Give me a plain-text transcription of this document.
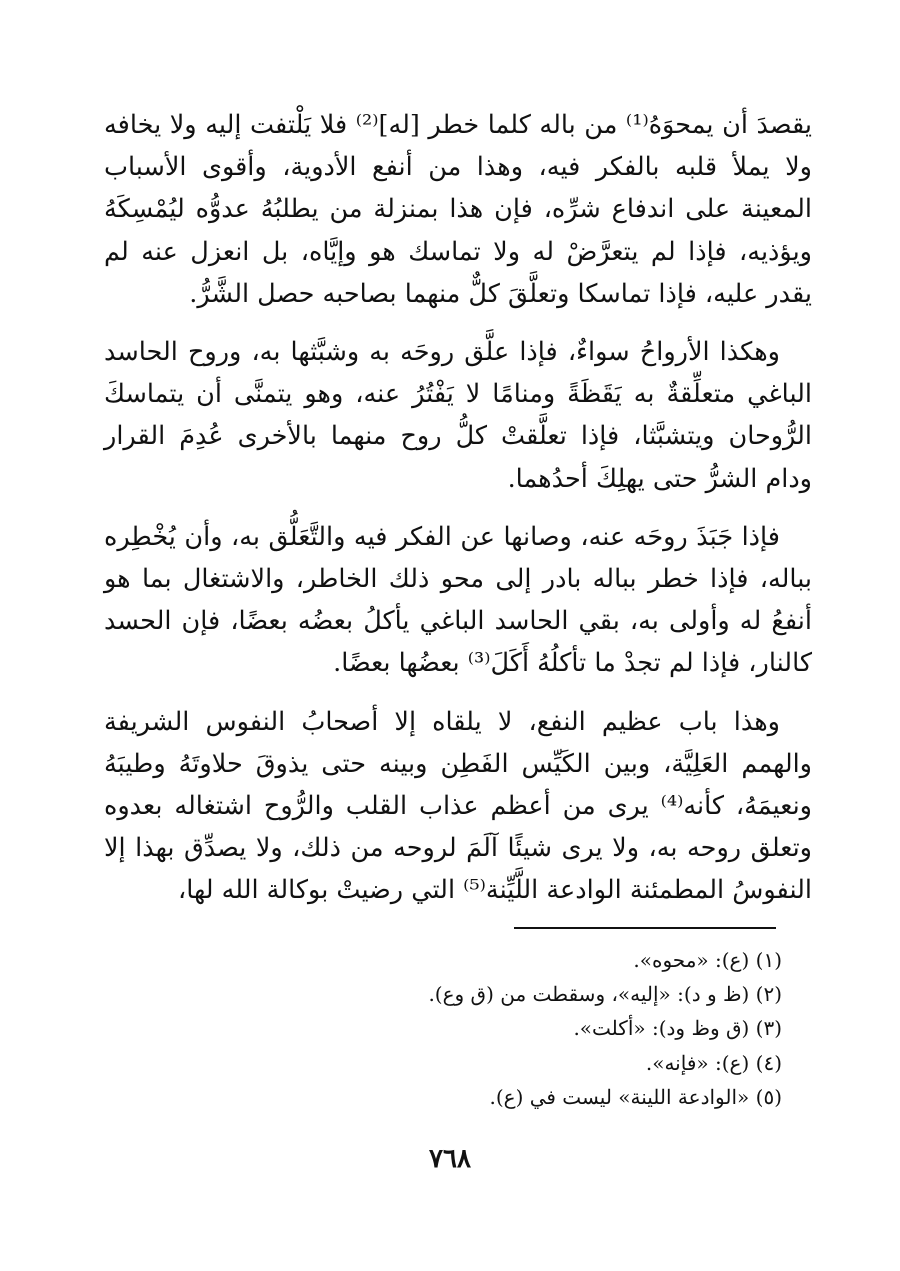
يقصدَ أن يمحوَهُ⁽¹⁾ من باله كلما خطر [له]⁽²⁾ فلا يَلْتفت إليه ولا يخافه ولا يملأ قلبه بالفكر فيه، وهذا من أنفع الأدوية، وأقوى الأسباب المعينة على اندفاع شرِّه، فإن هذا بمنزلة من يطلبُهُ عدوُّه ليُمْسِكَهُ ويؤذيه، فإذا لم يتعرَّضْ له ولا تماسك هو وإيَّاه، بل انعزل عنه لم يقدر عليه، فإذا تماسكا وتعلَّقَ كلٌّ منهما بصاحبه حصل الشَّرُّ.

وهكذا الأرواحُ سواءٌ، فإذا علَّق روحَه به وشبَّثها به، وروح الحاسد الباغي متعلِّقةٌ به يَقَظَةً ومنامًا لا يَفْتُرُ عنه، وهو يتمنَّى أن يتماسكَ الرُّوحان ويتشبَّثا، فإذا تعلَّقتْ كلُّ روح منهما بالأخرى عُدِمَ القرار ودام الشرُّ حتى يهلِكَ أحدُهما.

فإذا جَبَذَ روحَه عنه، وصانها عن الفكر فيه والتَّعَلُّق به، وأن يُخْطِره بباله، فإذا خطر بباله بادر إلى محو ذلك الخاطر، والاشتغال بما هو أنفعُ له وأولى به، بقي الحاسد الباغي يأكلُ بعضُه بعضًا، فإن الحسد كالنار، فإذا لم تجدْ ما تأكلُهُ أَكَلَ⁽³⁾ بعضُها بعضًا.

وهذا باب عظيم النفع، لا يلقاه إلا أصحابُ النفوس الشريفة والهمم العَلِيَّة، وبين الكَيِّس الفَطِن وبينه حتى يذوقَ حلاوتَهُ وطيبَهُ ونعيمَهُ، كأنه⁽⁴⁾ يرى من أعظم عذاب القلب والرُّوح اشتغاله بعدوه وتعلق روحه به، ولا يرى شيئًا آلَمَ لروحه من ذلك، ولا يصدِّق بهذا إلا النفوسُ المطمئنة الوادعة اللَّيِّنة⁽⁵⁾ التي رضيتْ بوكالة الله لها،

(١) (ع): «محوه».
(٢) (ظ و د): «إليه»، وسقطت من (ق وع).
(٣) (ق وظ ود): «أكلت».
(٤) (ع): «فإنه».
(٥) «الوادعة اللينة» ليست في (ع).
٧٦٨
